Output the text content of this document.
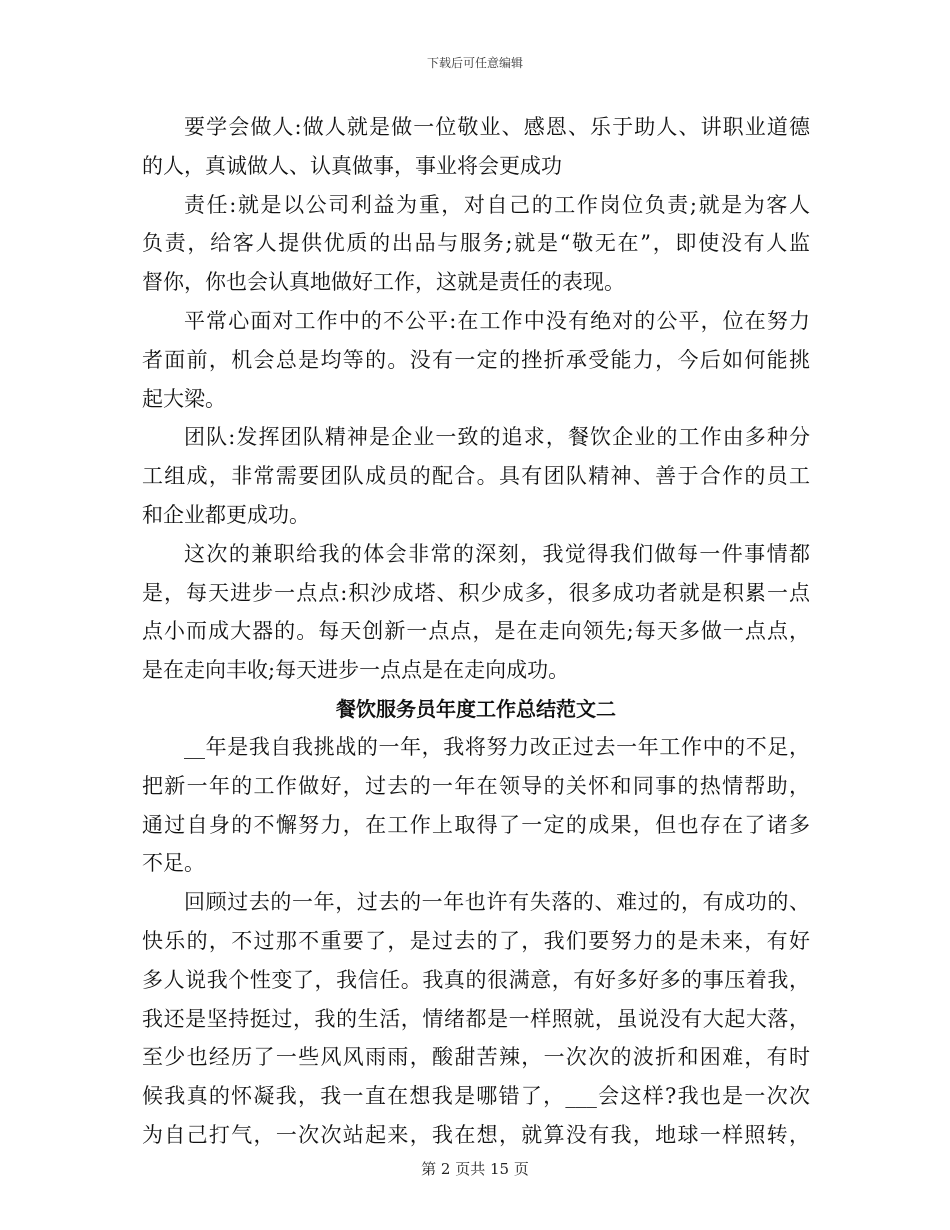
下载后可任意编辑
要学会做人:做人就是做一位敬业、感恩、乐于助人、讲职业道德
的人，真诚做人、认真做事，事业将会更成功
责任:就是以公司利益为重，对自己的工作岗位负责;就是为客人
负责，给客人提供优质的出品与服务;就是“敬无在”，即使没有人监
督你，你也会认真地做好工作，这就是责任的表现。
平常心面对工作中的不公平:在工作中没有绝对的公平，位在努力
者面前，机会总是均等的。没有一定的挫折承受能力，今后如何能挑
起大梁。
团队:发挥团队精神是企业一致的追求，餐饮企业的工作由多种分
工组成，非常需要团队成员的配合。具有团队精神、善于合作的员工
和企业都更成功。
这次的兼职给我的体会非常的深刻，我觉得我们做每一件事情都
是，每天进步一点点:积沙成塔、积少成多，很多成功者就是积累一点
点小而成大器的。每天创新一点点，是在走向领先;每天多做一点点，
是在走向丰收;每天进步一点点是在走向成功。
餐饮服务员年度工作总结范文二
__年是我自我挑战的一年，我将努力改正过去一年工作中的不足，
把新一年的工作做好，过去的一年在领导的关怀和同事的热情帮助，
通过自身的不懈努力，在工作上取得了一定的成果，但也存在了诸多
不足。
回顾过去的一年，过去的一年也许有失落的、难过的，有成功的、
快乐的，不过那不重要了，是过去的了，我们要努力的是未来，有好
多人说我个性变了，我信任。我真的很满意，有好多好多的事压着我，
我还是坚持挺过，我的生活，情绪都是一样照就，虽说没有大起大落，
至少也经历了一些风风雨雨，酸甜苦辣，一次次的波折和困难，有时
候我真的怀凝我，我一直在想我是哪错了，___会这样?我也是一次次
为自己打气，一次次站起来，我在想，就算没有我，地球一样照转，
第 2 页共 15 页
